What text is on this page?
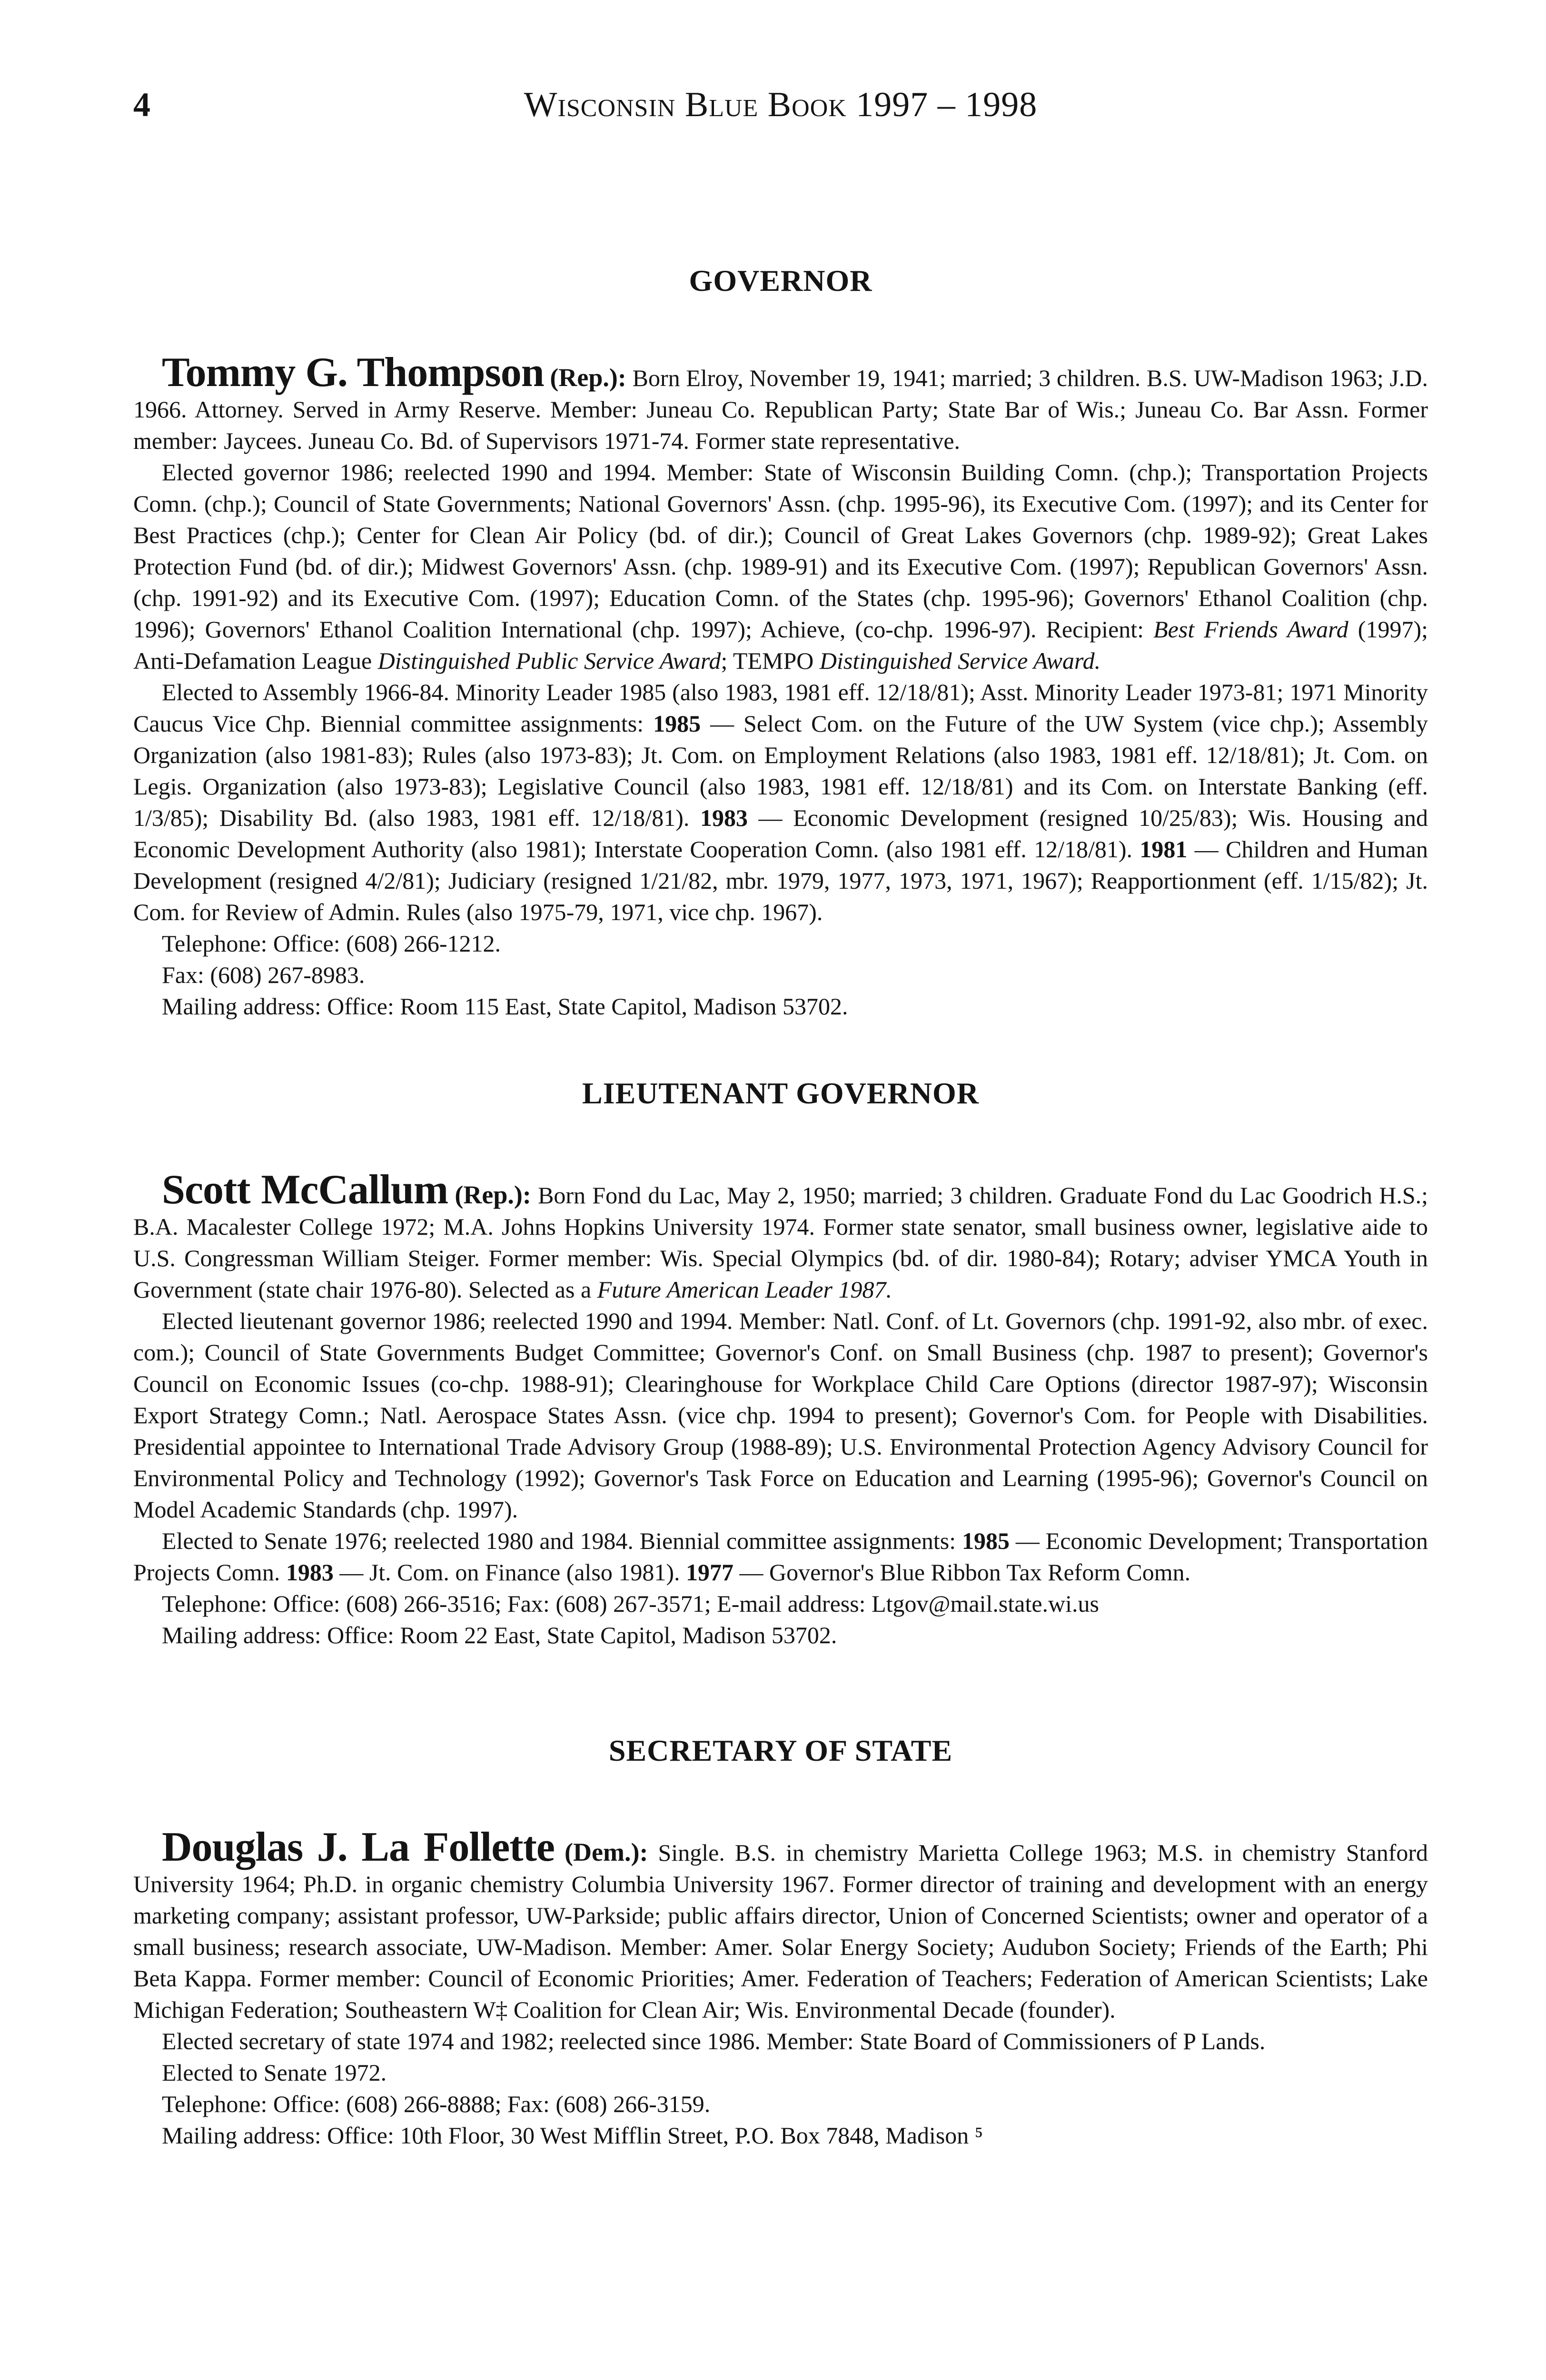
4	Wisconsin Blue Book 1997 – 1998
GOVERNOR

Tommy G. Thompson (Rep.): Born Elroy, November 19, 1941; married; 3 children. B.S. UW-Madison 1963; J.D. 1966. Attorney. Served in Army Reserve. Member: Juneau Co. Republican Party; State Bar of Wis.; Juneau Co. Bar Assn. Former member: Jaycees. Juneau Co. Bd. of Supervisors 1971-74. Former state representative.

Elected governor 1986; reelected 1990 and 1994. Member: State of Wisconsin Building Comn. (chp.); Transportation Projects Comn. (chp.); Council of State Governments; National Governors' Assn. (chp. 1995-96), its Executive Com. (1997); and its Center for Best Practices (chp.); Center for Clean Air Policy (bd. of dir.); Council of Great Lakes Governors (chp. 1989-92); Great Lakes Protection Fund (bd. of dir.); Midwest Governors' Assn. (chp. 1989-91) and its Executive Com. (1997); Republican Governors' Assn. (chp. 1991-92) and its Executive Com. (1997); Education Comn. of the States (chp. 1995-96); Governors' Ethanol Coalition (chp. 1996); Governors' Ethanol Coalition International (chp. 1997); Achieve, (co-chp. 1996-97). Recipient: Best Friends Award (1997); Anti-Defamation League Distinguished Public Service Award; TEMPO Distinguished Service Award.

Elected to Assembly 1966-84. Minority Leader 1985 (also 1983, 1981 eff. 12/18/81); Asst. Minority Leader 1973-81; 1971 Minority Caucus Vice Chp. Biennial committee assignments: 1985 — Select Com. on the Future of the UW System (vice chp.); Assembly Organization (also 1981-83); Rules (also 1973-83); Jt. Com. on Employment Relations (also 1983, 1981 eff. 12/18/81); Jt. Com. on Legis. Organization (also 1973-83); Legislative Council (also 1983, 1981 eff. 12/18/81) and its Com. on Interstate Banking (eff. 1/3/85); Disability Bd. (also 1983, 1981 eff. 12/18/81). 1983 — Economic Development (resigned 10/25/83); Wis. Housing and Economic Development Authority (also 1981); Interstate Cooperation Comn. (also 1981 eff. 12/18/81). 1981 — Children and Human Development (resigned 4/2/81); Judiciary (resigned 1/21/82, mbr. 1979, 1977, 1973, 1971, 1967); Reapportionment (eff. 1/15/82); Jt. Com. for Review of Admin. Rules (also 1975-79, 1971, vice chp. 1967).

Telephone: Office: (608) 266-1212.

Fax: (608) 267-8983.

Mailing address: Office: Room 115 East, State Capitol, Madison 53702.

LIEUTENANT GOVERNOR

Scott McCallum (Rep.): Born Fond du Lac, May 2, 1950; married; 3 children. Graduate Fond du Lac Goodrich H.S.; B.A. Macalester College 1972; M.A. Johns Hopkins University 1974. Former state senator, small business owner, legislative aide to U.S. Congressman William Steiger. Former member: Wis. Special Olympics (bd. of dir. 1980-84); Rotary; adviser YMCA Youth in Government (state chair 1976-80). Selected as a Future American Leader 1987.

Elected lieutenant governor 1986; reelected 1990 and 1994. Member: Natl. Conf. of Lt. Governors (chp. 1991-92, also mbr. of exec. com.); Council of State Governments Budget Committee; Governor's Conf. on Small Business (chp. 1987 to present); Governor's Council on Economic Issues (co-chp. 1988-91); Clearinghouse for Workplace Child Care Options (director 1987-97); Wisconsin Export Strategy Comn.; Natl. Aerospace States Assn. (vice chp. 1994 to present); Governor's Com. for People with Disabilities. Presidential appointee to International Trade Advisory Group (1988-89); U.S. Environmental Protection Agency Advisory Council for Environmental Policy and Technology (1992); Governor's Task Force on Education and Learning (1995-96); Governor's Council on Model Academic Standards (chp. 1997).

Elected to Senate 1976; reelected 1980 and 1984. Biennial committee assignments: 1985 — Economic Development; Transportation Projects Comn. 1983 — Jt. Com. on Finance (also 1981). 1977 — Governor's Blue Ribbon Tax Reform Comn.

Telephone: Office: (608) 266-3516; Fax: (608) 267-3571; E-mail address: Ltgov@mail.state.wi.us

Mailing address: Office: Room 22 East, State Capitol, Madison 53702.

SECRETARY OF STATE

Douglas J. La Follette (Dem.): Single. B.S. in chemistry Marietta College 1963; M.S. in chemistry Stanford University 1964; Ph.D. in organic chemistry Columbia University 1967. Former director of training and development with an energy marketing company; assistant professor, UW-Parkside; public affairs director, Union of Concerned Scientists; owner and operator of a small business; research associate, UW-Madison. Member: Amer. Solar Energy Society; Audubon Society; Friends of the Earth; Phi Beta Kappa. Former member: Council of Economic Priorities; Amer. Federation of Teachers; Federation of American Scientists; Lake Michigan Federation; Southeastern W‡ Coalition for Clean Air; Wis. Environmental Decade (founder).

Elected secretary of state 1974 and 1982; reelected since 1986. Member: State Board of Commissioners of P Lands.

Elected to Senate 1972.

Telephone: Office: (608) 266-8888; Fax: (608) 266-3159.

Mailing address: Office: 10th Floor, 30 West Mifflin Street, P.O. Box 7848, Madison ⁵
